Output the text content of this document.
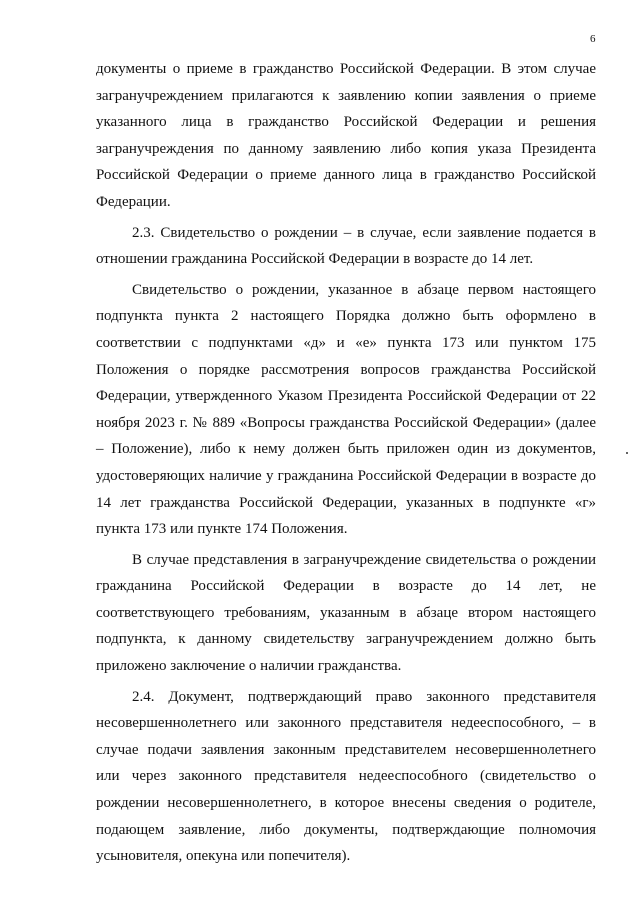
6

документы о приеме в гражданство Российской Федерации. В этом случае загранучреждением прилагаются к заявлению копии заявления о приеме указанного лица в гражданство Российской Федерации и решения загранучреждения по данному заявлению либо копия указа Президента Российской Федерации о приеме данного лица в гражданство Российской Федерации.

2.3. Свидетельство о рождении – в случае, если заявление подается в отношении гражданина Российской Федерации в возрасте до 14 лет.

Свидетельство о рождении, указанное в абзаце первом настоящего подпункта пункта 2 настоящего Порядка должно быть оформлено в соответствии с подпунктами «д» и «е» пункта 173 или пунктом 175 Положения о порядке рассмотрения вопросов гражданства Российской Федерации, утвержденного Указом Президента Российской Федерации от 22 ноября 2023 г. № 889 «Вопросы гражданства Российской Федерации» (далее – Положение), либо к нему должен быть приложен один из документов, удостоверяющих наличие у гражданина Российской Федерации в возрасте до 14 лет гражданства Российской Федерации, указанных в подпункте «г» пункта 173 или пункте 174 Положения.

В случае представления в загранучреждение свидетельства о рождении гражданина Российской Федерации в возрасте до 14 лет, не соответствующего требованиям, указанным в абзаце втором настоящего подпункта, к данному свидетельству загранучреждением должно быть приложено заключение о наличии гражданства.

2.4. Документ, подтверждающий право законного представителя несовершеннолетнего или законного представителя недееспособного, – в случае подачи заявления законным представителем несовершеннолетнего или через законного представителя недееспособного (свидетельство о рождении несовершеннолетнего, в которое внесены сведения о родителе, подающем заявление, либо документы, подтверждающие полномочия усыновителя, опекуна или попечителя).
